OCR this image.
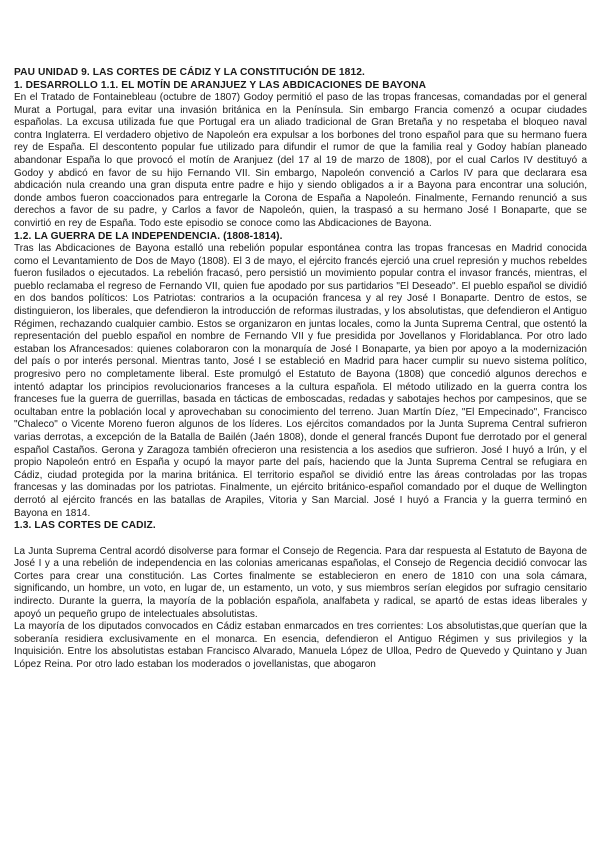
PAU UNIDAD 9. LAS CORTES DE CÁDIZ Y LA CONSTITUCIÓN DE 1812.
1. DESARROLLO 1.1. EL MOTÍN DE ARANJUEZ Y LAS ABDICACIONES DE BAYONA

En el Tratado de Fontainebleau (octubre de 1807) Godoy permitió el paso de las tropas francesas, comandadas por el general Murat a Portugal, para evitar una invasión británica en la Península. Sin embargo Francia comenzó a ocupar ciudades españolas. La excusa utilizada fue que Portugal era un aliado tradicional de Gran Bretaña y no respetaba el bloqueo naval contra Inglaterra. El verdadero objetivo de Napoleón era expulsar a los borbones del trono español para que su hermano fuera rey de España. El descontento popular fue utilizado para difundir el rumor de que la familia real y Godoy habían planeado abandonar España lo que provocó el motín de Aranjuez (del 17 al 19 de marzo de 1808), por el cual Carlos IV destituyó a Godoy y abdicó en favor de su hijo Fernando VII. Sin embargo, Napoleón convenció a Carlos IV para que declarara esa abdicación nula creando una gran disputa entre padre e hijo y siendo obligados a ir a Bayona para encontrar una solución, donde ambos fueron coaccionados para entregarle la Corona de España a Napoleón. Finalmente, Fernando renunció a sus derechos a favor de su padre, y Carlos a favor de Napoleón, quien, la traspasó a su hermano José I Bonaparte, que se convirtió en rey de España. Todo este episodio se conoce como las Abdicaciones de Bayona.

1.2. LA GUERRA DE LA INDEPENDENCIA. (1808-1814).

Tras las Abdicaciones de Bayona estalló una rebelión popular espontánea contra las tropas francesas en Madrid conocida como el Levantamiento de Dos de Mayo (1808). El 3 de mayo, el ejército francés ejerció una cruel represión y muchos rebeldes fueron fusilados o ejecutados. La rebelión fracasó, pero persistió un movimiento popular contra el invasor francés, mientras, el pueblo reclamaba el regreso de Fernando VII, quien fue apodado por sus partidarios "El Deseado". El pueblo español se dividió en dos bandos políticos: Los Patriotas: contrarios a la ocupación francesa y al rey José I Bonaparte. Dentro de estos, se distinguieron, los liberales, que defendieron la introducción de reformas ilustradas, y los absolutistas, que defendieron el Antiguo Régimen, rechazando cualquier cambio. Estos se organizaron en juntas locales, como la Junta Suprema Central, que ostentó la representación del pueblo español en nombre de Fernando VII y fue presidida por Jovellanos y Floridablanca. Por otro lado estaban los Afrancesados: quienes colaboraron con la monarquía de José I Bonaparte, ya bien por apoyo a la modernización del país o por interés personal. Mientras tanto, José I se estableció en Madrid para hacer cumplir su nuevo sistema político, progresivo pero no completamente liberal. Este promulgó el Estatuto de Bayona (1808) que concedió algunos derechos e intentó adaptar los principios revolucionarios franceses a la cultura española. El método utilizado en la guerra contra los franceses fue la guerra de guerrillas, basada en tácticas de emboscadas, redadas y sabotajes hechos por campesinos, que se ocultaban entre la población local y aprovechaban su conocimiento del terreno. Juan Martín Díez, "El Empecinado", Francisco "Chaleco" o Vicente Moreno fueron algunos de los líderes. Los ejércitos comandados por la Junta Suprema Central sufrieron varias derrotas, a excepción de la Batalla de Bailén (Jaén 1808), donde el general francés Dupont fue derrotado por el general español Castaños. Gerona y Zaragoza también ofrecieron una resistencia a los asedios que sufrieron. José I huyó a Irún, y el propio Napoleón entró en España y ocupó la mayor parte del país, haciendo que la Junta Suprema Central se refugiara en Cádiz, ciudad protegida por la marina británica. El territorio español se dividió entre las áreas controladas por las tropas francesas y las dominadas por los patriotas. Finalmente, un ejército británico-español comandado por el duque de Wellington derrotó al ejército francés en las batallas de Arapiles, Vitoria y San Marcial. José I huyó a Francia y la guerra terminó en Bayona en 1814.

1.3. LAS CORTES DE CADIZ.

La Junta Suprema Central acordó disolverse para formar el Consejo de Regencia. Para dar respuesta al Estatuto de Bayona de José I y a una rebelión de independencia en las colonias americanas españolas, el Consejo de Regencia decidió convocar las Cortes para crear una constitución. Las Cortes finalmente se establecieron en enero de 1810 con una sola cámara, significando, un hombre, un voto, en lugar de, un estamento, un voto, y sus miembros serían elegidos por sufragio censitario indirecto. Durante la guerra, la mayoría de la población española, analfabeta y radical, se apartó de estas ideas liberales y apoyó un pequeño grupo de intelectuales absolutistas.

La mayoría de los diputados convocados en Cádiz estaban enmarcados en tres corrientes: Los absolutistas,que querían que la soberanía residiera exclusivamente en el monarca. En esencia, defendieron el Antiguo Régimen y sus privilegios y la Inquisición. Entre los absolutistas estaban Francisco Alvarado, Manuela López de Ulloa, Pedro de Quevedo y Quintano y Juan López Reina. Por otro lado estaban los moderados o jovellanistas, que abogaron
